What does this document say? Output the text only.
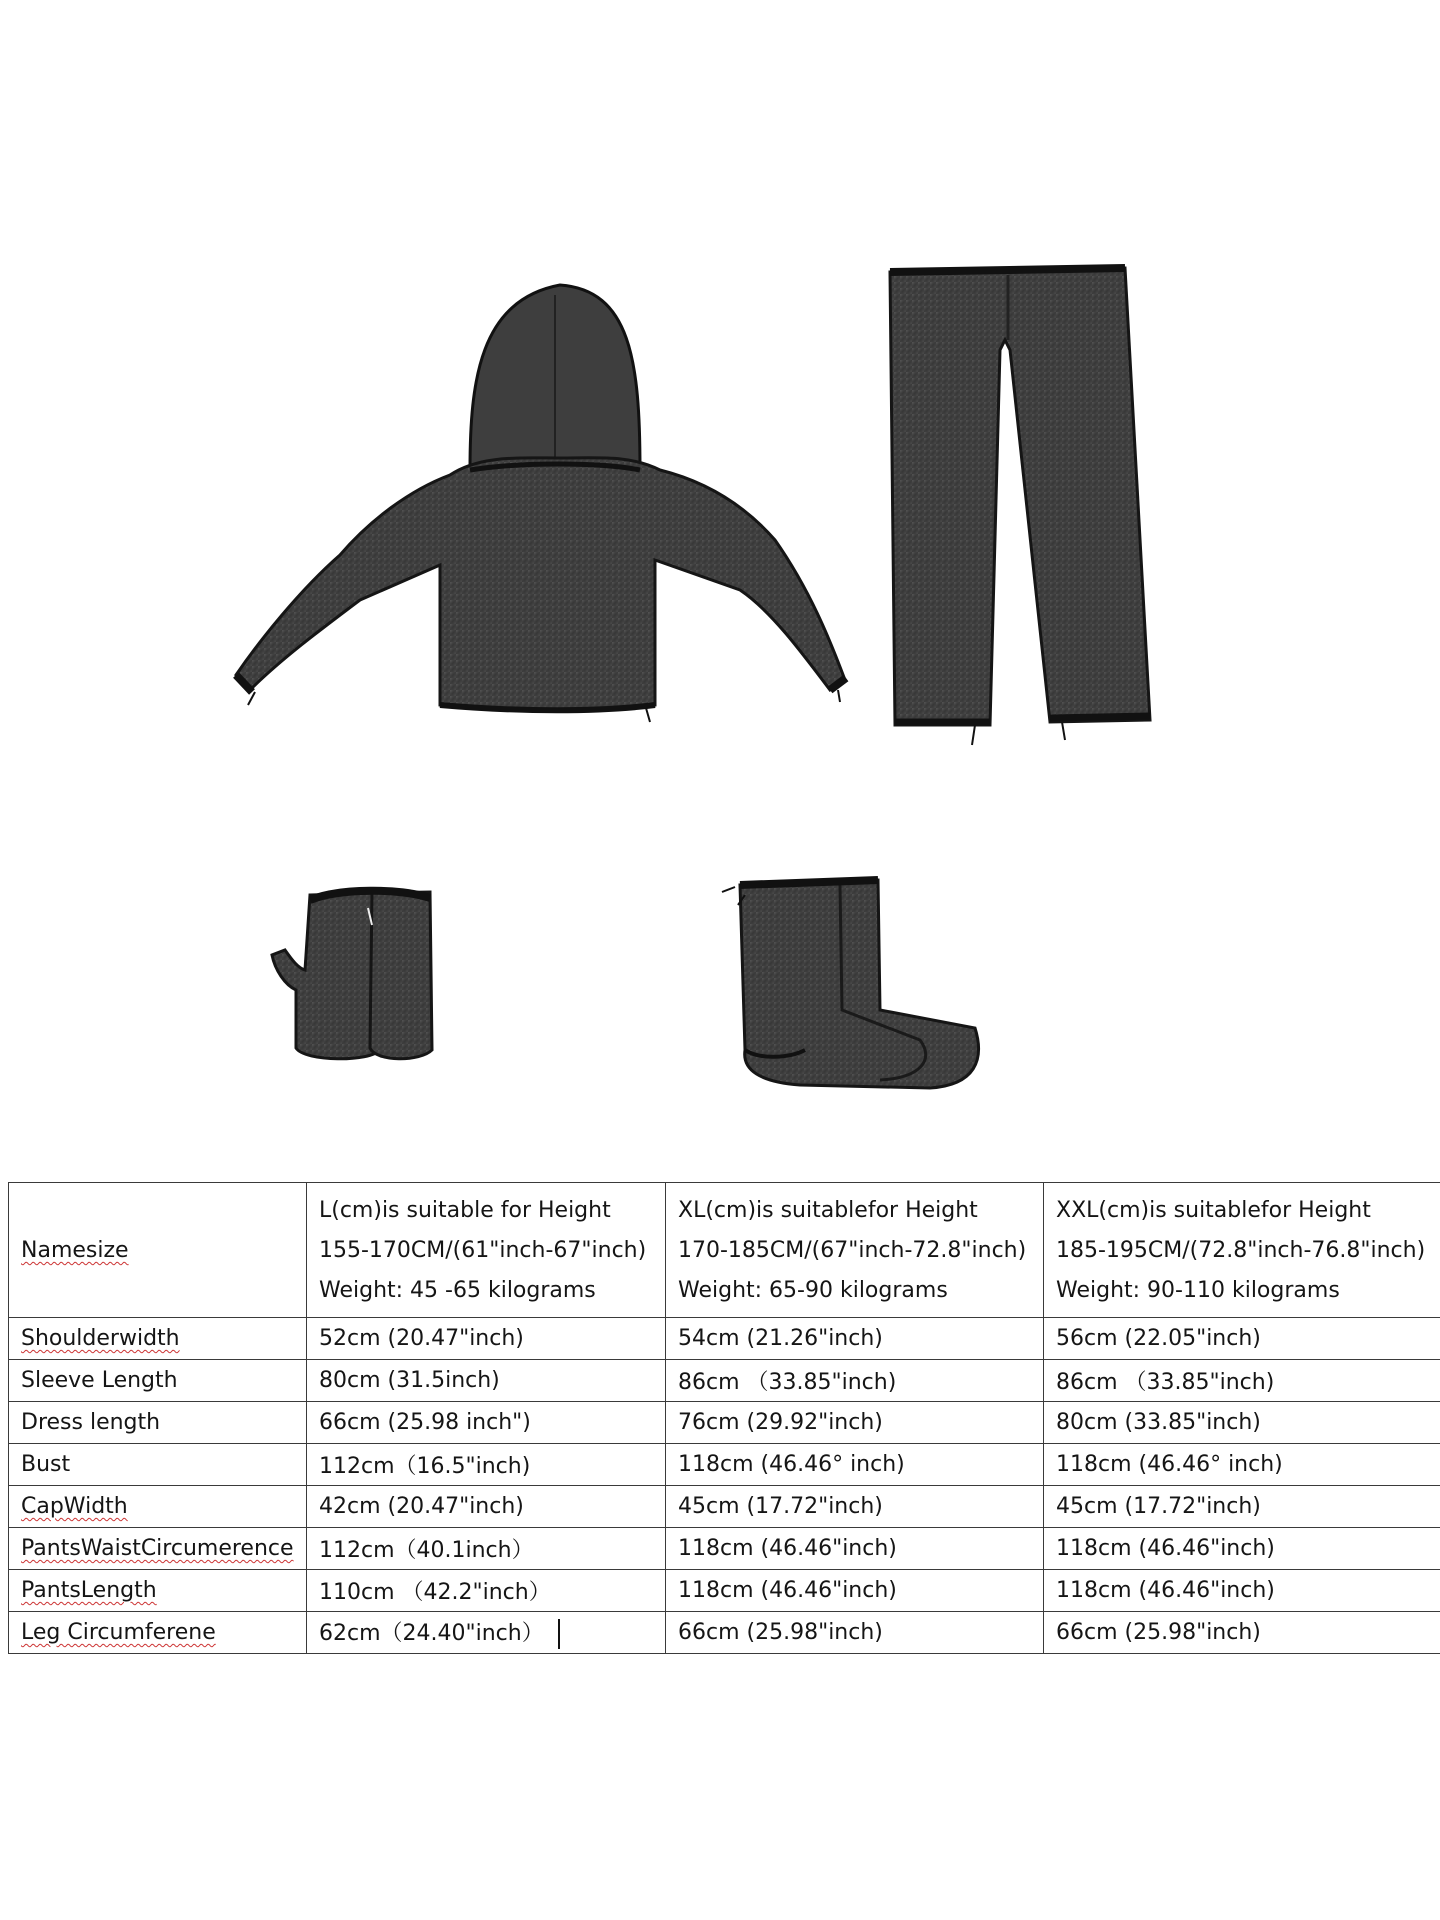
Namesize	L(cm)is suitable for Height
155-170CM/(61"inch-67"inch)
Weight: 45 -65 kilograms	XL(cm)is suitablefor Height
170-185CM/(67"inch-72.8"inch)
Weight: 65-90 kilograms	XXL(cm)is suitablefor Height
185-195CM/(72.8"inch-76.8"inch)
Weight: 90-110 kilograms

Shoulderwidth	52cm (20.47"inch)	54cm (21.26"inch)	56cm (22.05"inch)
Sleeve Length	80cm (31.5inch)	86cm （33.85"inch)	86cm （33.85"inch)
Dress length	66cm (25.98 inch")	76cm (29.92"inch)	80cm (33.85"inch)
Bust	112cm（16.5"inch)	118cm (46.46° inch)	118cm (46.46° inch)
CapWidth	42cm (20.47"inch)	45cm (17.72"inch)	45cm (17.72"inch)
PantsWaistCircumerence	112cm（40.1inch）	118cm (46.46"inch)	118cm (46.46"inch)
PantsLength	110cm （42.2"inch）	118cm (46.46"inch)	118cm (46.46"inch)
Leg Circumferene	62cm（24.40"inch）	66cm (25.98"inch)	66cm (25.98"inch)
